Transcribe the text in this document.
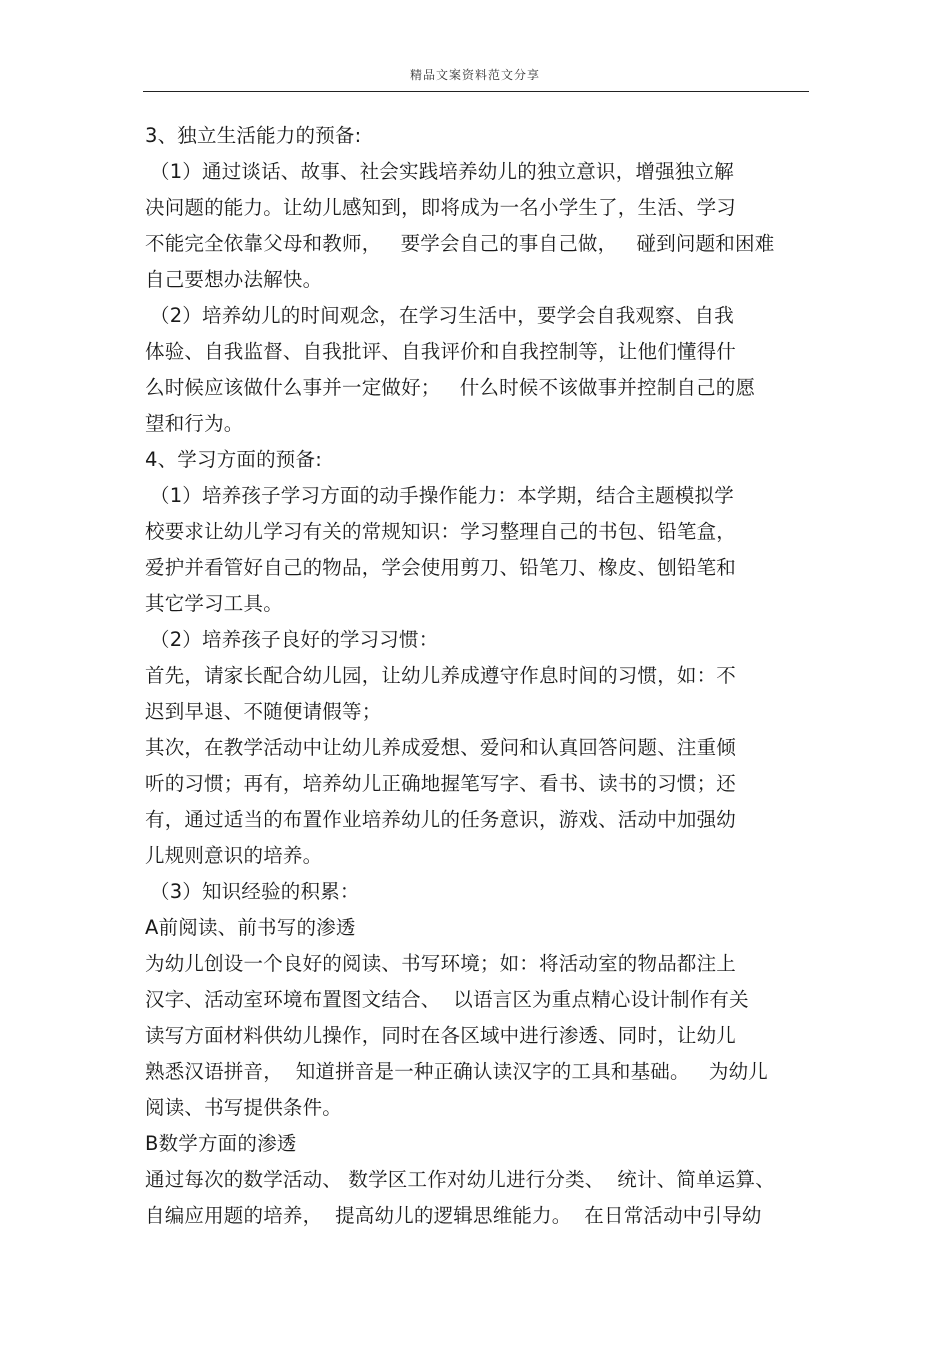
精品文案资料范文分享
3、独立生活能力的预备:
（1）通过谈话、故事、社会实践培养幼儿的独立意识，增强独立解
决问题的能力。让幼儿感知到，即将成为一名小学生了，生活、学习
不能完全依靠父母和教师，   要学会自己的事自己做，   碰到问题和困难
自己要想办法解快。
（2）培养幼儿的时间观念，在学习生活中，要学会自我观察、自我
体验、自我监督、自我批评、自我评价和自我控制等，让他们懂得什
么时候应该做什么事并一定做好；   什么时候不该做事并控制自己的愿
望和行为。
4、学习方面的预备:
（1）培养孩子学习方面的动手操作能力：本学期，结合主题模拟学
校要求让幼儿学习有关的常规知识：学习整理自己的书包、铅笔盒，
爱护并看管好自己的物品，学会使用剪刀、铅笔刀、橡皮、刨铅笔和
其它学习工具。
（2）培养孩子良好的学习习惯：
首先，请家长配合幼儿园，让幼儿养成遵守作息时间的习惯，如：不
迟到早退、不随便请假等；
其次，在教学活动中让幼儿养成爱想、爱问和认真回答问题、注重倾
听的习惯；再有，培养幼儿正确地握笔写字、看书、读书的习惯；还
有，通过适当的布置作业培养幼儿的任务意识，游戏、活动中加强幼
儿规则意识的培养。
（3）知识经验的积累：
A前阅读、前书写的渗透
为幼儿创设一个良好的阅读、书写环境；如：将活动室的物品都注上
汉字、活动室环境布置图文结合、  以语言区为重点精心设计制作有关
读写方面材料供幼儿操作，同时在各区域中进行渗透、同时，让幼儿
熟悉汉语拼音，  知道拼音是一种正确认读汉字的工具和基础。   为幼儿
阅读、书写提供条件。
B数学方面的渗透
通过每次的数学活动、 数学区工作对幼儿进行分类、  统计、简单运算、
自编应用题的培养，  提高幼儿的逻辑思维能力。  在日常活动中引导幼
